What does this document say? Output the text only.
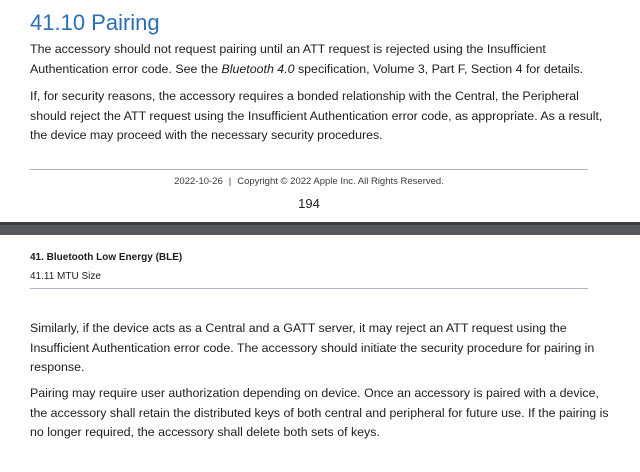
41.10 Pairing

The accessory should not request pairing until an ATT request is rejected using the Insufficient Authentication error code. See the Bluetooth 4.0 specification, Volume 3, Part F, Section 4 for details.

If, for security reasons, the accessory requires a bonded relationship with the Central, the Peripheral should reject the ATT request using the Insufficient Authentication error code, as appropriate. As a result, the device may proceed with the necessary security procedures.

2022-10-26 | Copyright © 2022 Apple Inc. All Rights Reserved.
194
41. Bluetooth Low Energy (BLE)
41.11 MTU Size

Similarly, if the device acts as a Central and a GATT server, it may reject an ATT request using the Insufficient Authentication error code. The accessory should initiate the security procedure for pairing in response.

Pairing may require user authorization depending on device. Once an accessory is paired with a device, the accessory shall retain the distributed keys of both central and peripheral for future use. If the pairing is no longer required, the accessory shall delete both sets of keys.
